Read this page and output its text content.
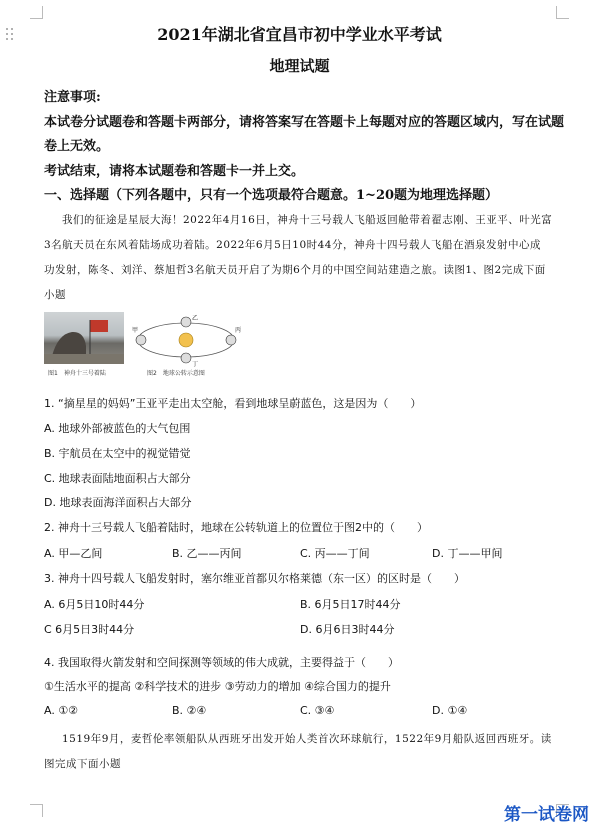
2021年湖北省宜昌市初中学业水平考试
地理试题
注意事项:
本试卷分试题卷和答题卡两部分，请将答案写在答题卡上每题对应的答题区域内，写在试题
卷上无效。
考试结束，请将本试题卷和答题卡一并上交。
一、选择题（下列各题中，只有一个选项最符合题意。1~20题为地理选择题）
我们的征途是星辰大海！2022年4月16日，神舟十三号载人飞船返回舱带着翟志刚、王亚平、叶光富
3名航天员在东风着陆场成功着陆。2022年6月5日10时44分，神舟十四号载人飞船在酒泉发射中心成
功发射，陈冬、刘洋、蔡旭哲3名航天员开启了为期6个月的中国空间站建造之旅。读图1、图2完成下面
小题
图1　神舟十三号着陆
甲
乙
丙
丁
图2　地球公转示意图
1. “摘星星的妈妈”王亚平走出太空舱，看到地球呈蔚蓝色，这是因为（　　）
A. 地球外部被蓝色的大气包围
B. 宇航员在太空中的视觉错觉
C. 地球表面陆地面积占大部分
D. 地球表面海洋面积占大部分
2. 神舟十三号载人飞船着陆时，地球在公转轨道上的位置位于图2中的（　　）
A. 甲—乙间	B. 乙——丙间	C. 丙——丁间	D. 丁——甲间
3. 神舟十四号载人飞船发射时，塞尔维亚首都贝尔格莱德（东一区）的区时是（　　）
A. 6月5日10时44分	B. 6月5日17时44分
C 6月5日3时44分	D. 6月6日3时44分
4. 我国取得火箭发射和空间探测等领域的伟大成就，主要得益于（　　）
①生活水平的提高 ②科学技术的进步 ③劳动力的增加 ④综合国力的提升
A. ①②	B. ②④	C. ③④	D. ①④
1519年9月，麦哲伦率领船队从西班牙出发开始人类首次环球航行，1522年9月船队返回西班牙。读
图完成下面小题
第一试卷网
